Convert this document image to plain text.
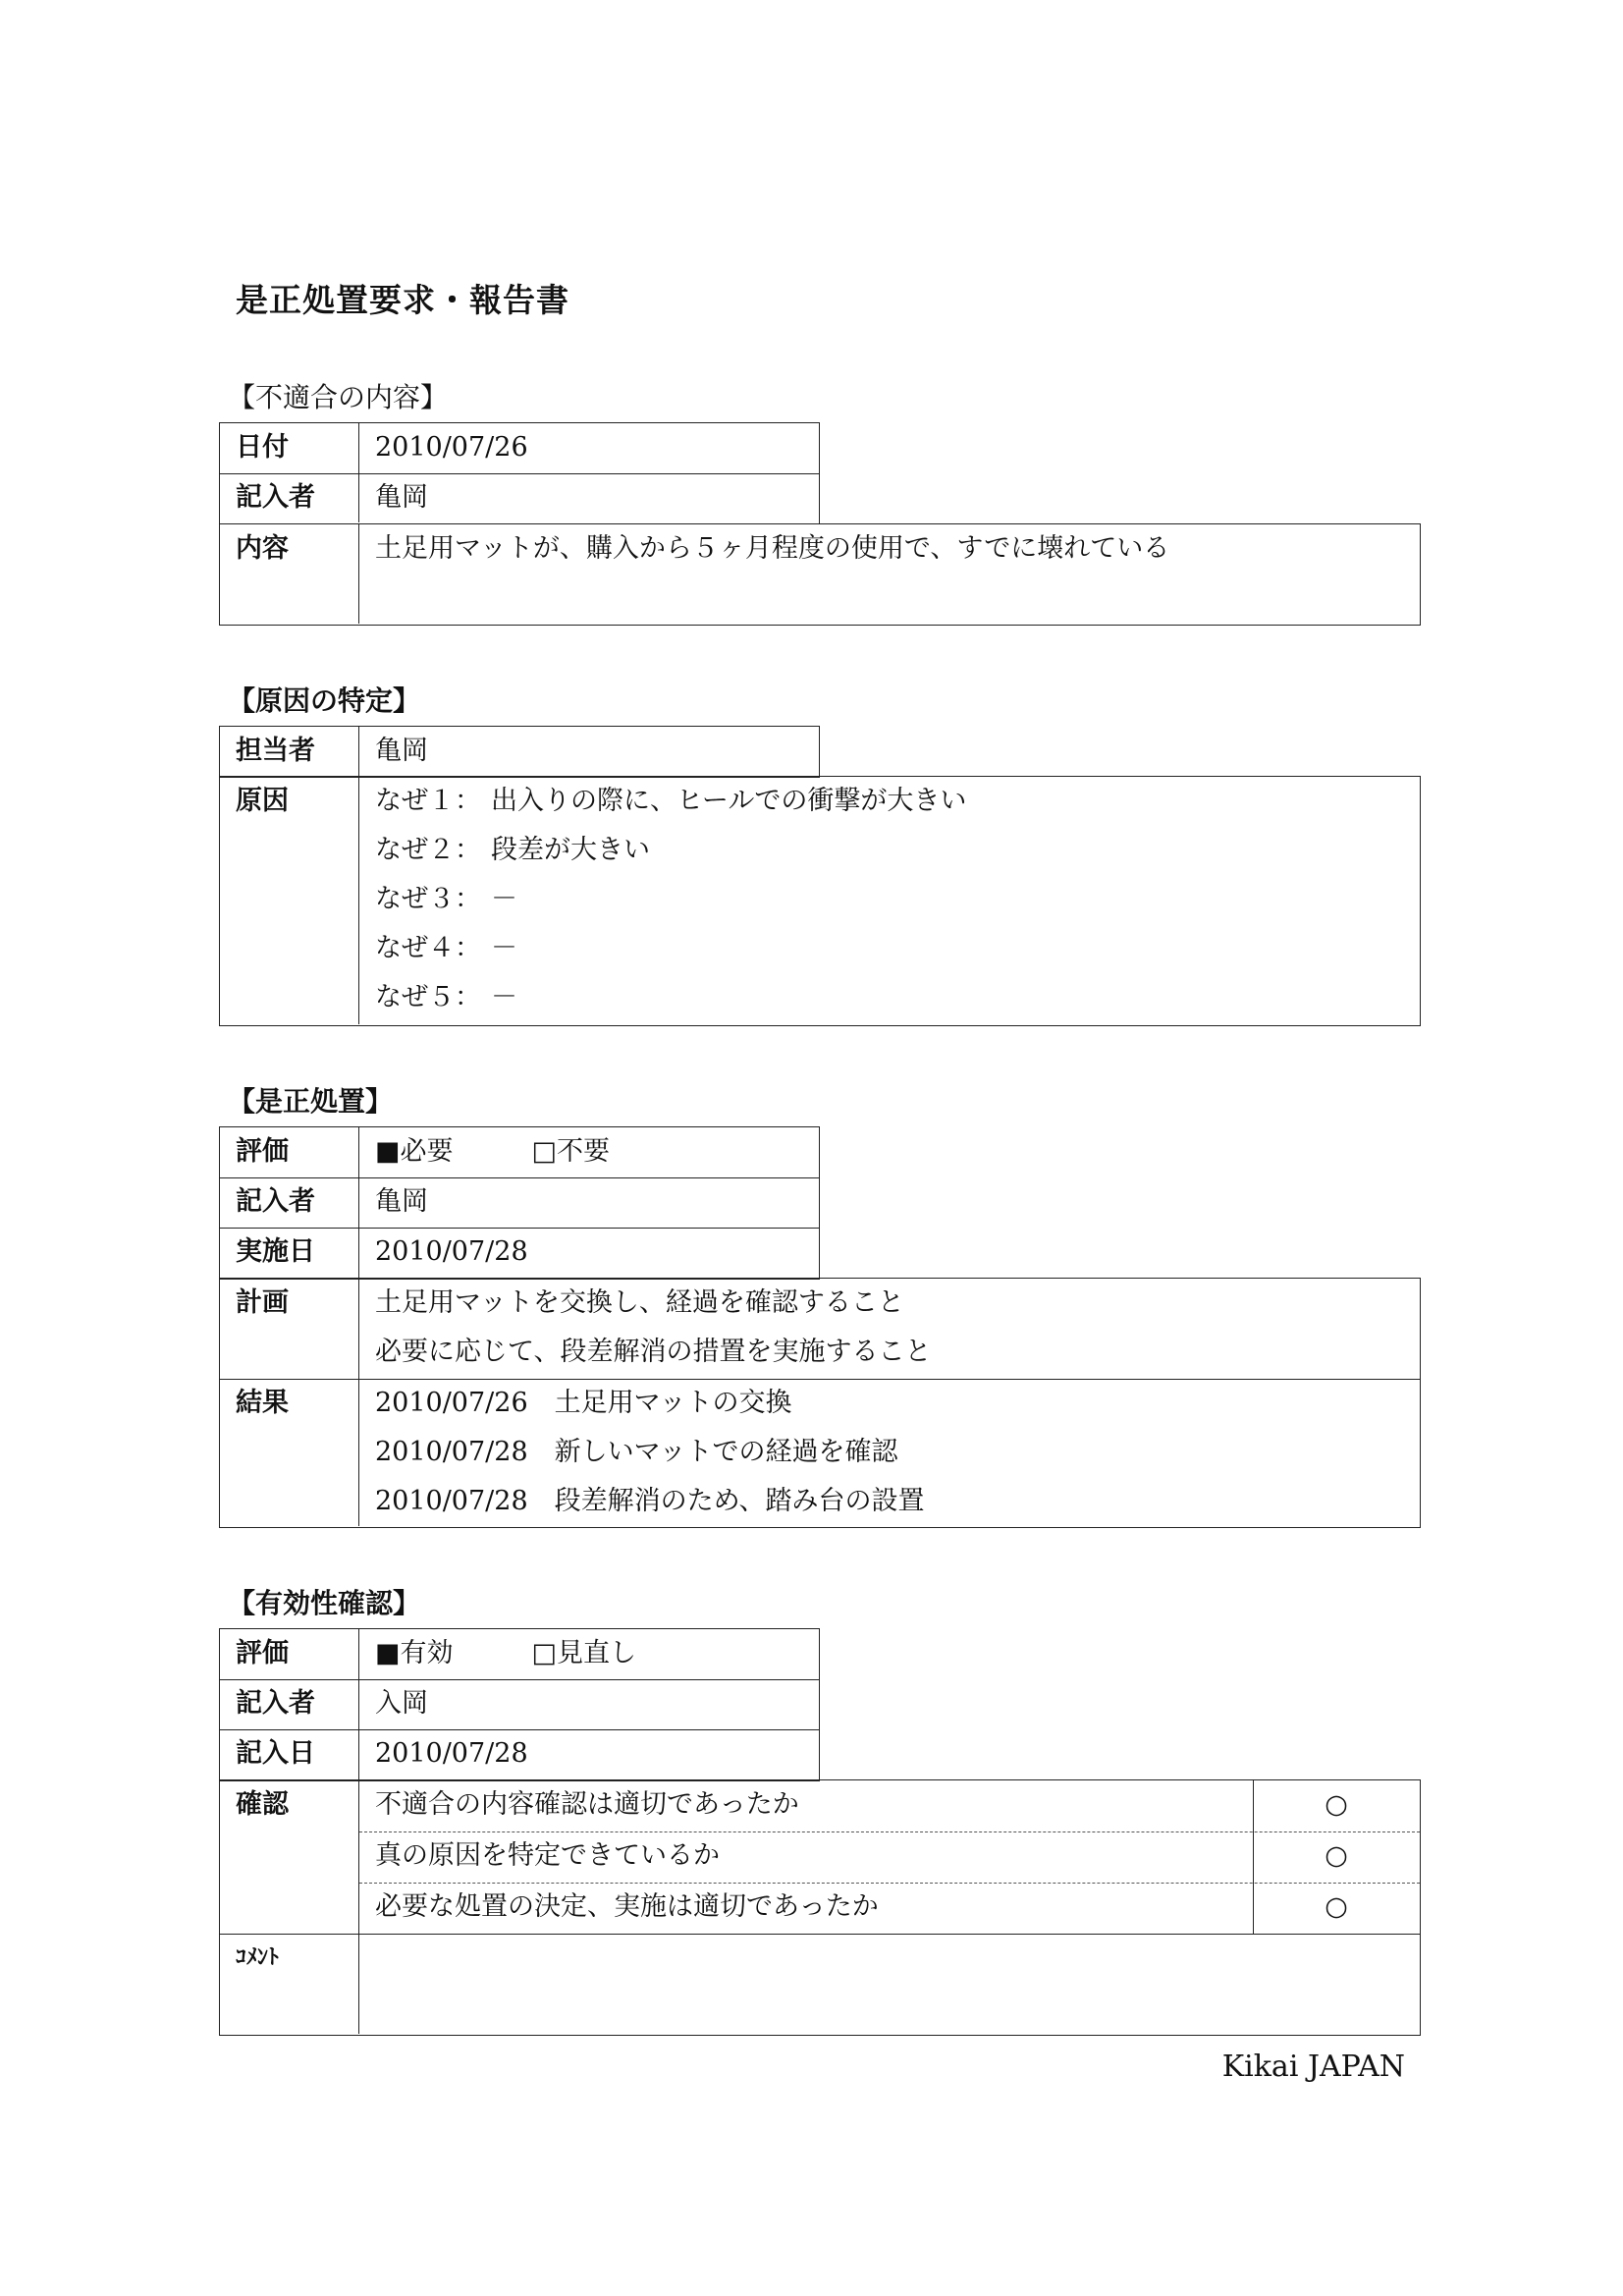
是正処置要求・報告書
【不適合の内容】
日付	2010/07/26
記入者 亀岡
内容	土足用マットが、購入から５ヶ月程度の使用で、すでに壊れている
【原因の特定】
担当者 亀岡
原因	なぜ１： 出入りの際に、ヒールでの衝撃が大きい
なぜ２： 段差が大きい
なぜ３： －
なぜ４： －
なぜ５： －
【是正処置】
評価	■必要	□不要
記入者 亀岡
実施日 2010/07/28
計画	土足用マットを交換し、経過を確認すること
必要に応じて、段差解消の措置を実施すること
結果	2010/07/26　 土足用マットの交換
2010/07/28　 新しいマットでの経過を確認
2010/07/28　 段差解消のため、踏み台の設置
【有効性確認】
評価	■有効	□見直し
記入者 入岡
記入日 2010/07/28
確認	不適合の内容確認は適切であったか	○
真の原因を特定できているか	○
必要な処置の決定、実施は適切であったか	○
ｺﾒﾝﾄ
Kikai JAPAN
